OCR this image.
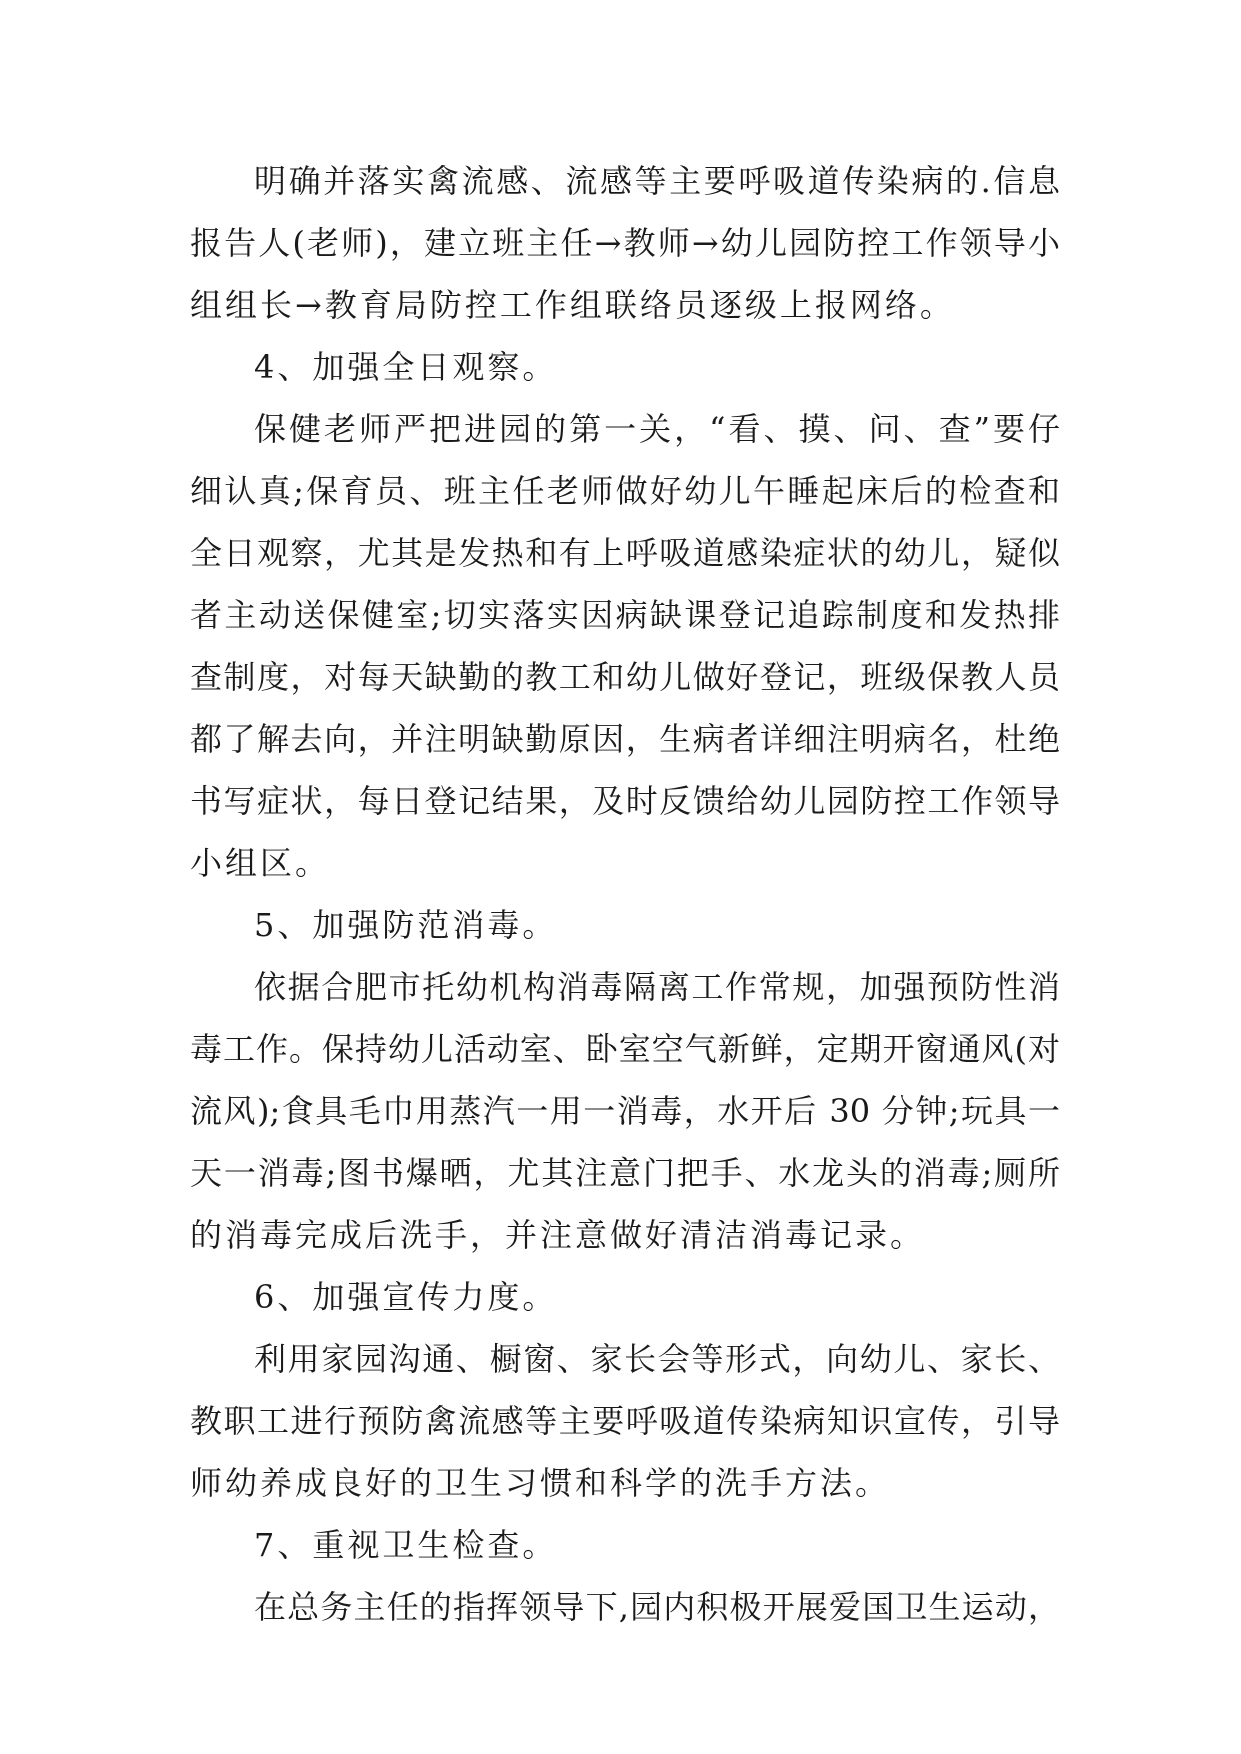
明确并落实禽流感、流感等主要呼吸道传染病的.信息
报告人(老师)，建立班主任→教师→幼儿园防控工作领导小
组组长→教育局防控工作组联络员逐级上报网络。
4、加强全日观察。
保健老师严把进园的第一关，“看、摸、问、查”要仔
细认真;保育员、班主任老师做好幼儿午睡起床后的检查和
全日观察，尤其是发热和有上呼吸道感染症状的幼儿，疑似
者主动送保健室;切实落实因病缺课登记追踪制度和发热排
查制度，对每天缺勤的教工和幼儿做好登记，班级保教人员
都了解去向，并注明缺勤原因，生病者详细注明病名，杜绝
书写症状，每日登记结果，及时反馈给幼儿园防控工作领导
小组区。
5、加强防范消毒。
依据合肥市托幼机构消毒隔离工作常规，加强预防性消
毒工作。保持幼儿活动室、卧室空气新鲜，定期开窗通风(对
流风);食具毛巾用蒸汽一用一消毒，水开后 30 分钟;玩具一
天一消毒;图书爆晒，尤其注意门把手、水龙头的消毒;厕所
的消毒完成后洗手，并注意做好清洁消毒记录。
6、加强宣传力度。
利用家园沟通、橱窗、家长会等形式，向幼儿、家长、
教职工进行预防禽流感等主要呼吸道传染病知识宣传，引导
师幼养成良好的卫生习惯和科学的洗手方法。
7、重视卫生检查。
在总务主任的指挥领导下,园内积极开展爱国卫生运动，
